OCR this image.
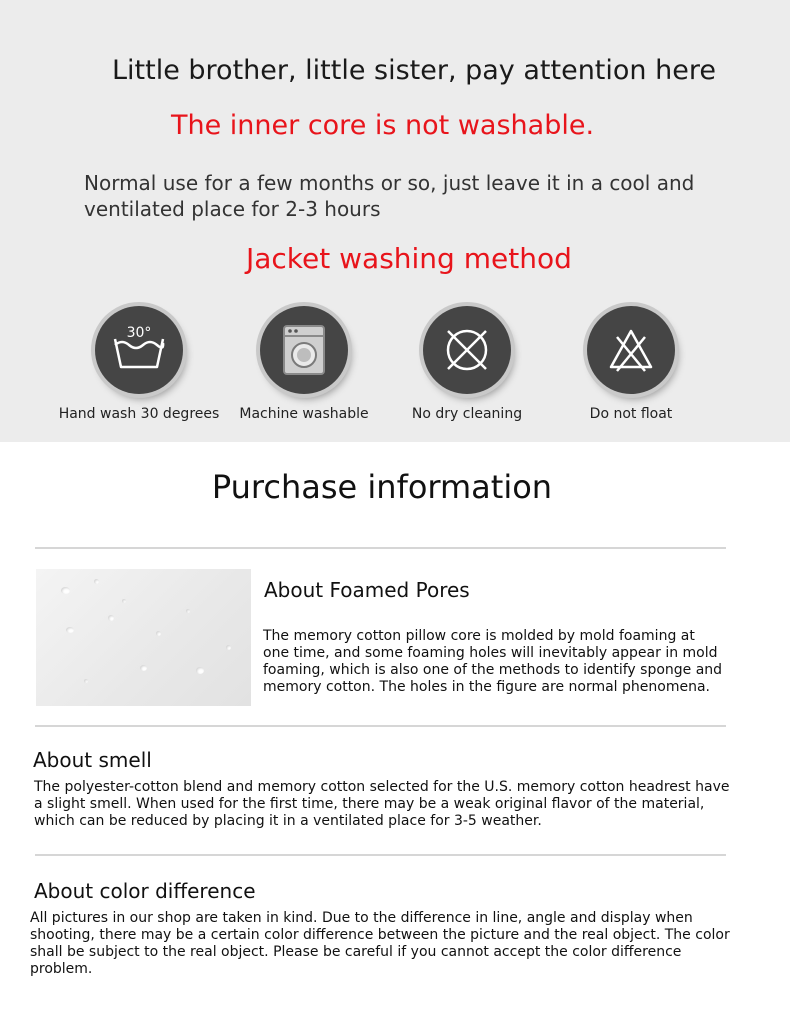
Little brother, little sister, pay attention here
The inner core is not washable.
Normal use for a few months or so, just leave it in a cool and ventilated place for 2-3 hours
Jacket washing method
30°
Hand wash 30 degrees	Machine washable	No dry cleaning	Do not float
Purchase information
About Foamed Pores
The memory cotton pillow core is molded by mold foaming at one time, and some foaming holes will inevitably appear in mold foaming, which is also one of the methods to identify sponge and memory cotton. The holes in the figure are normal phenomena.
About smell
The polyester-cotton blend and memory cotton selected for the U.S. memory cotton headrest have a slight smell. When used for the first time, there may be a weak original flavor of the material, which can be reduced by placing it in a ventilated place for 3-5 weather.
About color difference
All pictures in our shop are taken in kind. Due to the difference in line, angle and display when shooting, there may be a certain color difference between the picture and the real object. The color shall be subject to the real object. Please be careful if you cannot accept the color difference problem.
